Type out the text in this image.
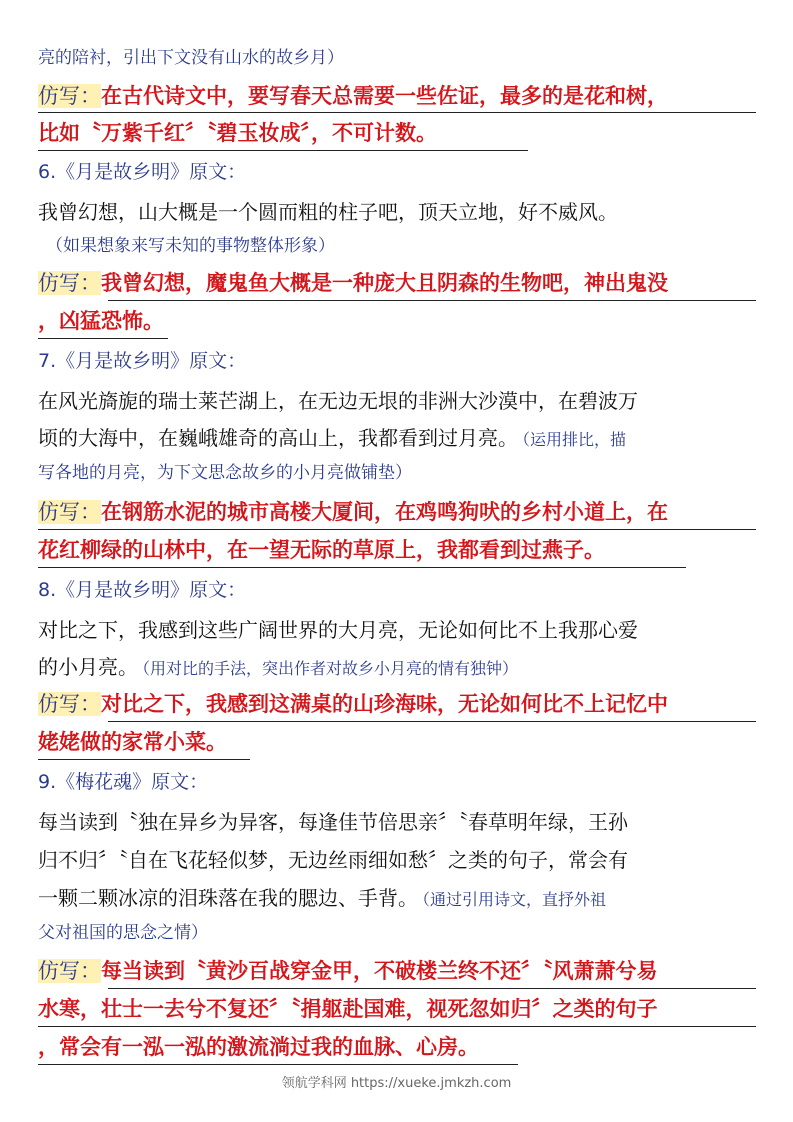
亮的陪衬，引出下文没有山水的故乡月）

仿写：在古代诗文中，要写春天总需要一些佐证，最多的是花和树，

比如〝万紫千红〞〝碧玉妆成〞，不可计数。

6.《月是故乡明》原文：

我曾幻想，山大概是一个圆而粗的柱子吧，顶天立地，好不威风。

（如果想象来写未知的事物整体形象）

仿写：我曾幻想，魔鬼鱼大概是一种庞大且阴森的生物吧，神出鬼没

，凶猛恐怖。

7.《月是故乡明》原文：

在风光旖旎的瑞士莱芒湖上，在无边无垠的非洲大沙漠中，在碧波万

顷的大海中，在巍峨雄奇的高山上，我都看到过月亮。 （运用排比，描

写各地的月亮，为下文思念故乡的小月亮做铺垫）

仿写：在钢筋水泥的城市高楼大厦间，在鸡鸣狗吠的乡村小道上，在

花红柳绿的山林中，在一望无际的草原上，我都看到过燕子。

8.《月是故乡明》原文：

对比之下，我感到这些广阔世界的大月亮，无论如何比不上我那心爱

的小月亮。 （用对比的手法，突出作者对故乡小月亮的情有独钟）

仿写：对比之下，我感到这满桌的山珍海味，无论如何比不上记忆中

姥姥做的家常小菜。

9.《梅花魂》原文：

每当读到〝独在异乡为异客，每逢佳节倍思亲〞〝春草明年绿，王孙

归不归〞〝自在飞花轻似梦，无边丝雨细如愁〞之类的句子，常会有

一颗二颗冰凉的泪珠落在我的腮边、手背。 （通过引用诗文，直抒外祖

父对祖国的思念之情）

仿写：每当读到〝黄沙百战穿金甲，不破楼兰终不还〞〝风萧萧兮易

水寒，壮士一去兮不复还〞〝捐躯赴国难，视死忽如归〞之类的句子

，常会有一泓一泓的激流淌过我的血脉、心房。

领航学科网 https://xueke.jmkzh.com
